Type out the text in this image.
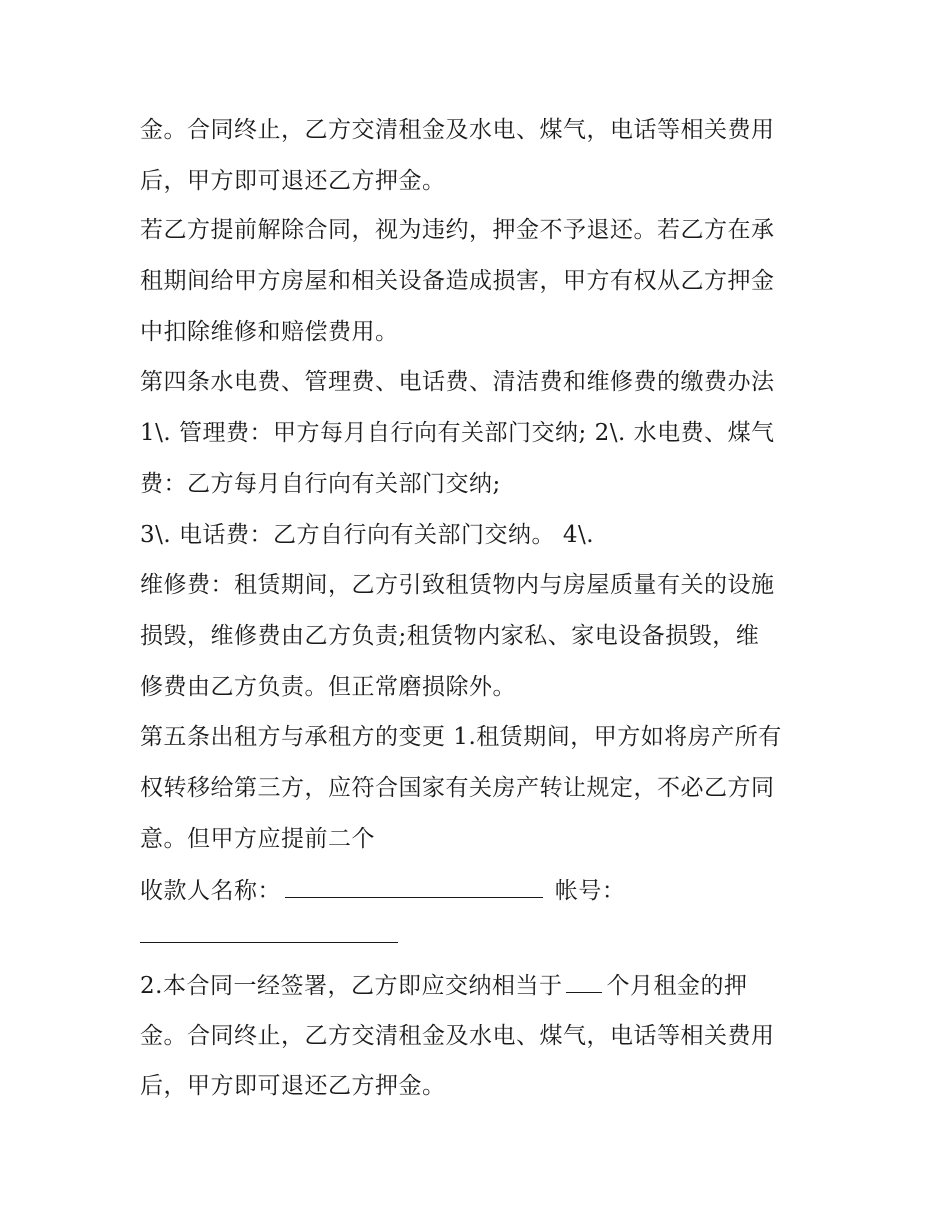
金。合同终止，乙方交清租金及水电、煤气，电话等相关费用
后，甲方即可退还乙方押金。
若乙方提前解除合同，视为违约，押金不予退还。若乙方在承
租期间给甲方房屋和相关设备造成损害，甲方有权从乙方押金
中扣除维修和赔偿费用。
第四条水电费、管理费、电话费、清洁费和维修费的缴费办法
1\. 管理费：甲方每月自行向有关部门交纳; 2\. 水电费、煤气
费：乙方每月自行向有关部门交纳;
3\. 电话费：乙方自行向有关部门交纳。 4\.
维修费：租赁期间，乙方引致租赁物内与房屋质量有关的设施
损毁，维修费由乙方负责;租赁物内家私、家电设备损毁，维
修费由乙方负责。但正常磨损除外。
第五条出租方与承租方的变更 1.租赁期间，甲方如将房产所有
权转移给第三方，应符合国家有关房产转让规定，不必乙方同
意。但甲方应提前二个
收款人名称：	帐号：
2.本合同一经签署，乙方即应交纳相当于 个月租金的押
金。合同终止，乙方交清租金及水电、煤气，电话等相关费用
后，甲方即可退还乙方押金。
